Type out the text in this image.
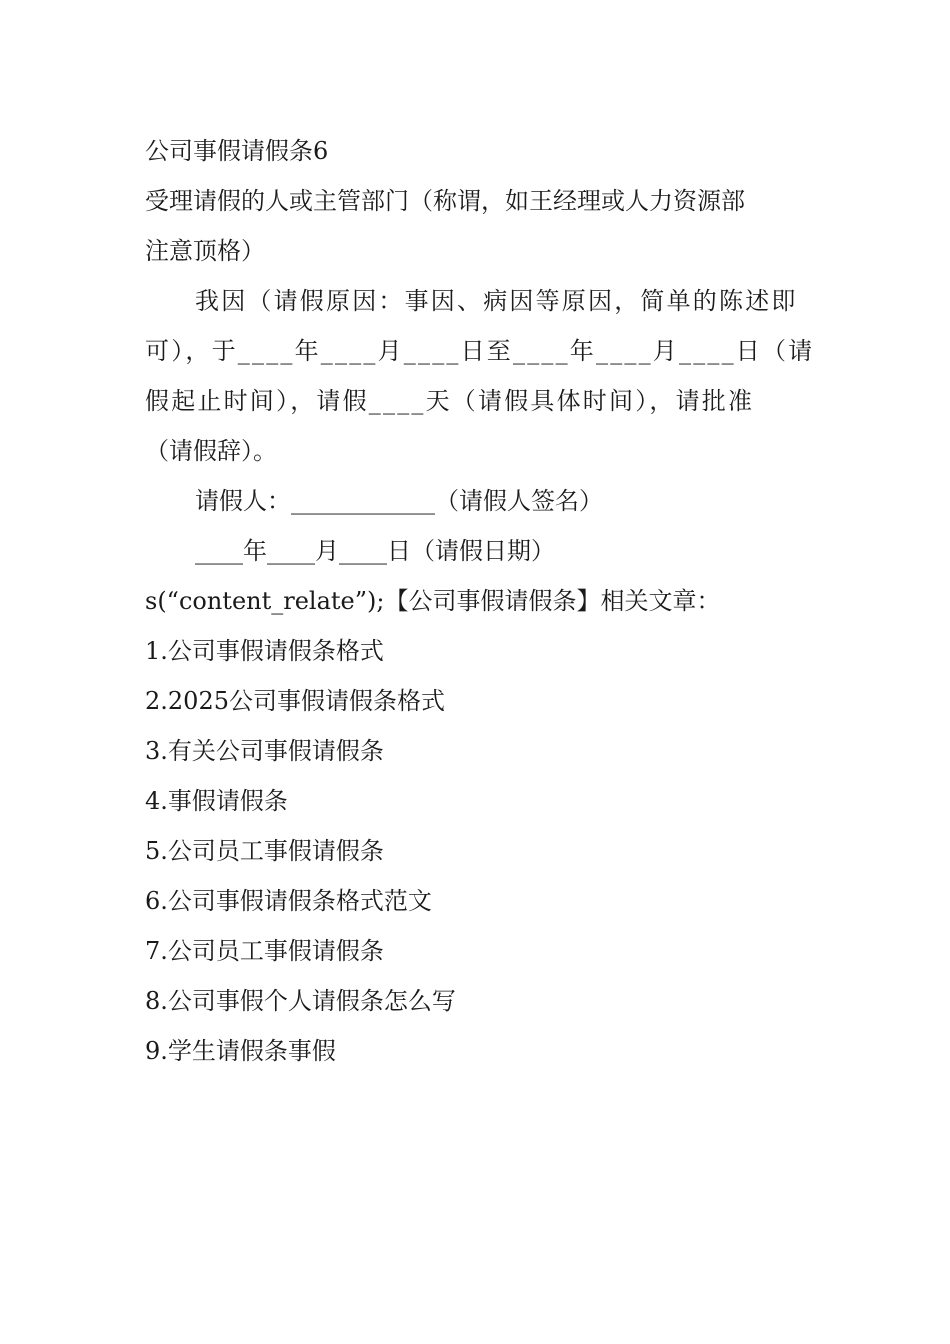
公司事假请假条6
受理请假的人或主管部门（称谓，如王经理或人力资源部
注意顶格）
我因（请假原因：事因、病因等原因，简单的陈述即
可），于____年____月____日至____年____月____日（请
假起止时间），请假____天（请假具体时间），请批准
（请假辞）。
请假人：____________（请假人签名）
____年____月____日（请假日期）
s(“content_relate”);【公司事假请假条】相关文章：
1.公司事假请假条格式
2.2025公司事假请假条格式
3.有关公司事假请假条
4.事假请假条
5.公司员工事假请假条
6.公司事假请假条格式范文
7.公司员工事假请假条
8.公司事假个人请假条怎么写
9.学生请假条事假
